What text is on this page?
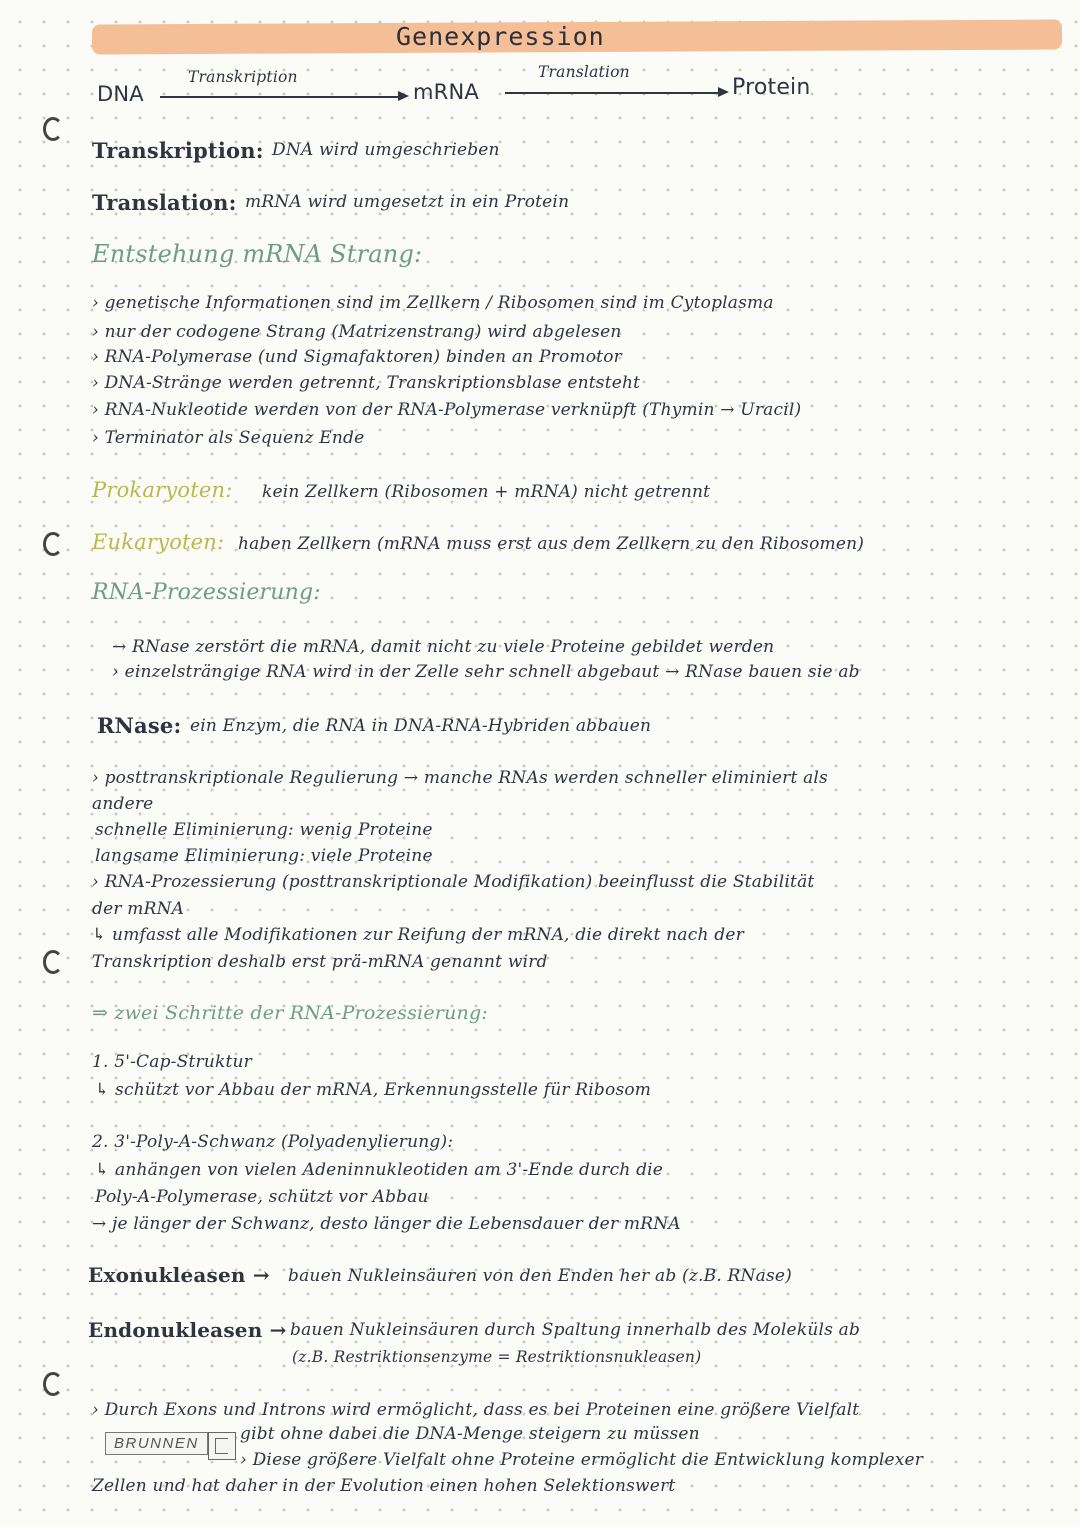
Genexpression
DNA
Transkription
mRNA
Translation
Protein
Transkription: DNA wird umgeschrieben
Translation: mRNA wird umgesetzt in ein Protein
Entstehung mRNA Strang:
› genetische Informationen sind im Zellkern / Ribosomen sind im Cytoplasma
› nur der codogene Strang (Matrizenstrang) wird abgelesen
› RNA-Polymerase (und Sigmafaktoren) binden an Promotor
› DNA-Stränge werden getrennt, Transkriptionsblase entsteht
› RNA-Nukleotide werden von der RNA-Polymerase verknüpft (Thymin → Uracil)
› Terminator als Sequenz Ende
Prokaryoten: kein Zellkern (Ribosomen + mRNA) nicht getrennt
Eukaryoten: haben Zellkern (mRNA muss erst aus dem Zellkern zu den Ribosomen)
RNA-Prozessierung:
→ RNase zerstört die mRNA, damit nicht zu viele Proteine gebildet werden
› einzelsträngige RNA wird in der Zelle sehr schnell abgebaut → RNase bauen sie ab
RNase: ein Enzym, die RNA in DNA-RNA-Hybriden abbauen
› posttranskriptionale Regulierung → manche RNAs werden schneller eliminiert als
andere
schnelle Eliminierung: wenig Proteine
langsame Eliminierung: viele Proteine
› RNA-Prozessierung (posttranskriptionale Modifikation) beeinflusst die Stabilität
der mRNA
↳ umfasst alle Modifikationen zur Reifung der mRNA, die direkt nach der
Transkription deshalb erst prä-mRNA genannt wird
⇒ zwei Schritte der RNA-Prozessierung:
1. 5'-Cap-Struktur
↳ schützt vor Abbau der mRNA, Erkennungsstelle für Ribosom
2. 3'-Poly-A-Schwanz (Polyadenylierung):
↳ anhängen von vielen Adeninnukleotiden am 3'-Ende durch die
Poly-A-Polymerase, schützt vor Abbau
→ je länger der Schwanz, desto länger die Lebensdauer der mRNA
Exonukleasen → bauen Nukleinsäuren von den Enden her ab (z.B. RNase)
Endonukleasen → bauen Nukleinsäuren durch Spaltung innerhalb des Moleküls ab
(z.B. Restriktionsenzyme = Restriktionsnukleasen)
› Durch Exons und Introns wird ermöglicht, dass es bei Proteinen eine größere Vielfalt
BRUNNEN	gibt ohne dabei die DNA-Menge steigern zu müssen
› Diese größere Vielfalt ohne Proteine ermöglicht die Entwicklung komplexer
Zellen und hat daher in der Evolution einen hohen Selektionswert
